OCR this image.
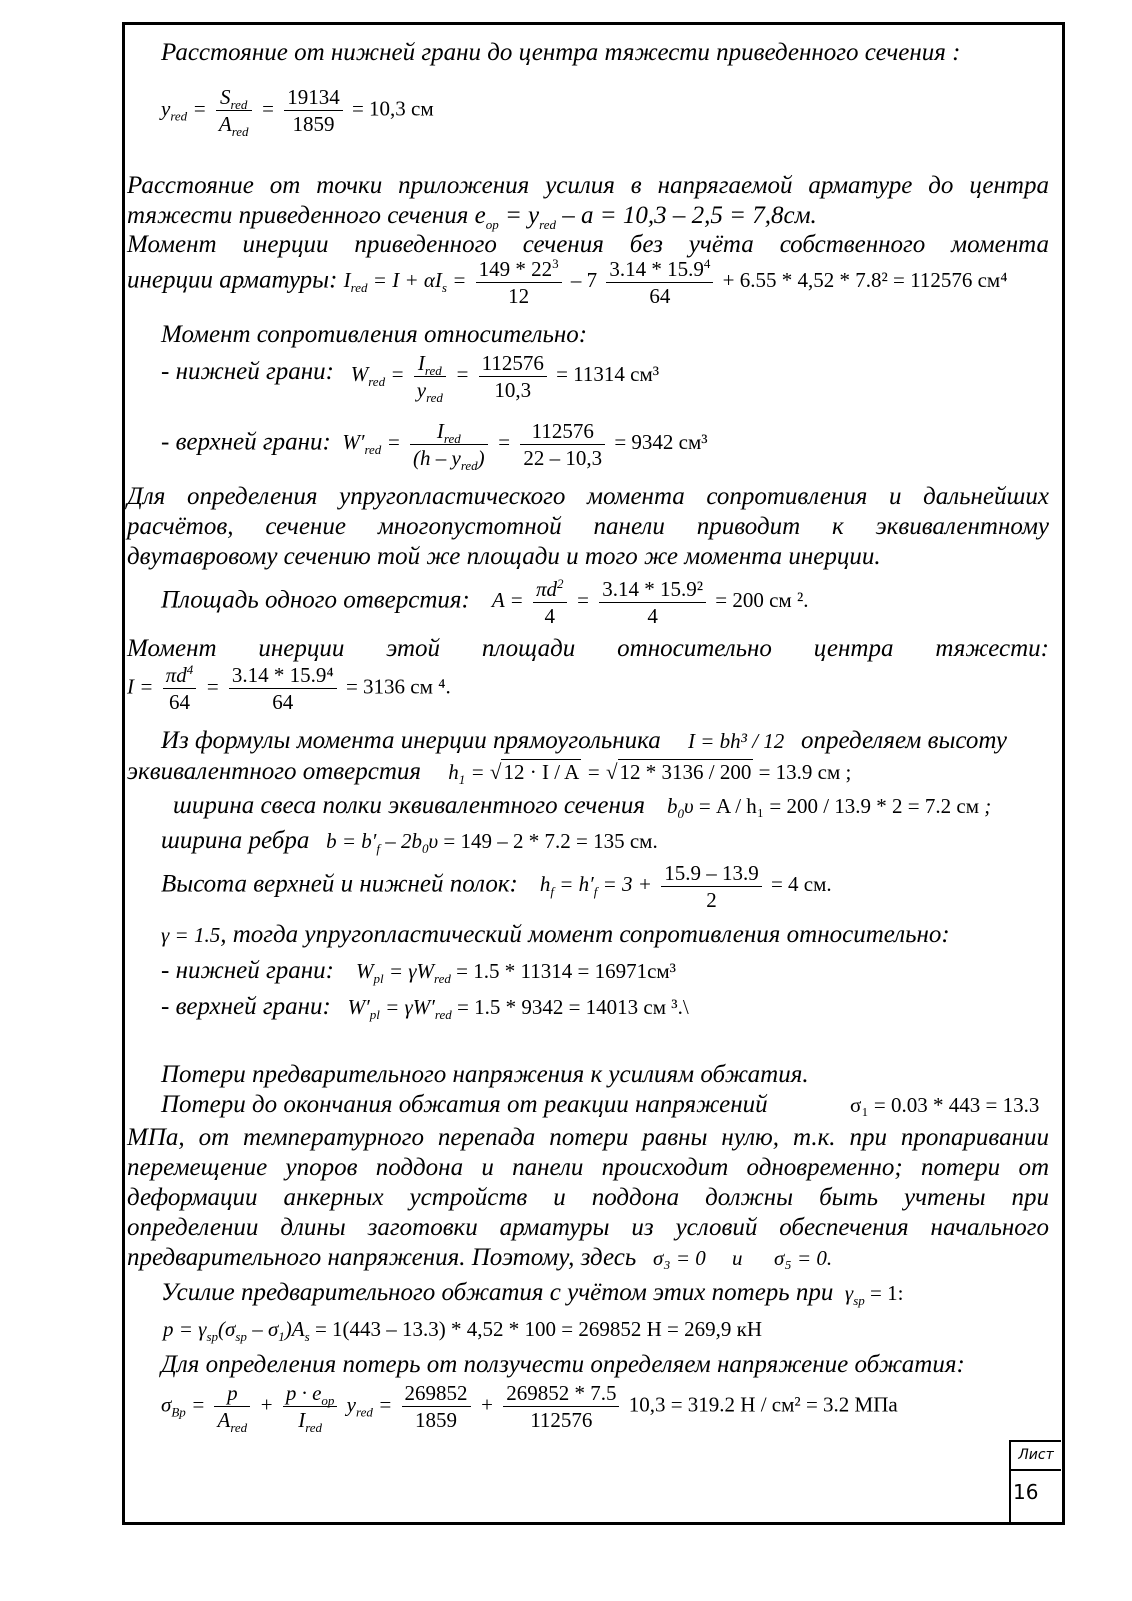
Расстояние от нижней грани до центра тяжести приведенного сечения :
$y_{red} = S_{red}$
$A_{red}$
= $\frac{19134}{1859} = 10,3$ см
Расстояние от точки приложения усилия в напрягаемой арматуре до центра
тяжести приведенного сечения $e_{op} = y_{red} - a = 10,3 - 2,5 = 7,8см$.
Момент инерции приведенного сечения без учёта собственного момента
инерции арматуры: $I_{red} = I + \alpha I_s = \frac{149 * 22^3}{12} - 7 \frac{3.14 * 15.9^4}{64} + 6.55 * 4,52 * 7.8^2 = 112576$ см⁴
Момент сопротивления относительно:
- нижней грани:   $W_{red} = I_{red}$
$y_{red}$
= $\frac{112576}{10,3} = 11314$ см³
- верхней грани:  $W'_{red}$ =	$I_{red}$
$(h - y_{red})$
= $\frac{112576}{22 - 10,3} = 9342$ см³
Для определения упругопластического момента сопротивления и дальнейших
расчётов, сечение многопустотной панели приводит к эквивалентному
двутавровому сечению той же площади и того же момента инерции.
Площадь одного отверстия:    $A = \frac{\pi d^2}{4} = \frac{\text{3.14 * 15.9²}}{4} = 200$ см ².
Момент инерции этой площади относительно центра тяжести:
$I = \frac{\pi d^4}{64} = \frac{\text{3.14 * 15.9⁴}}{64} = 3136$ см ⁴.
Из формулы момента инерции прямоугольника I = bh³ / 12 определяем высоту
эквивалентного отверстия     $h_1 = √12 \cdot I / A = √12 * 3136 / 200 = 13.9$ см ;
ширина свеса полки эквивалентного сечения    $b_0\upsilon = A / h_1 = 200 / 13.9 * 2 = 7.2$ см ;
ширина ребра   $b = b'_f - 2b_0\upsilon = 149 - 2 * 7.2 = 135$ см.
Высота верхней и нижней полок:    $h_f = h'_f = 3 + \frac{15.9 - 13.9}{2} = 4$ см.
γ = 1.5, тогда упругопластический момент сопротивления относительно:
- нижней грани:    $W_{pl} = \gamma W_{red} = 1.5 * 11314 = 16971см^3$
- верхней грани:   $W'_{pl} = \gamma W'_{red} = 1.5 * 9342 = 14013$ см ³.\
Потери предварительного напряжения к усилиям обжатия.
Потери до окончания обжатия от реакции напряжений	σ₁ = 0.03 * 443 = 13.3
МПа, от температурного перепада потери равны нулю, т.к. при пропаривании
перемещение упоров поддона и панели происходит одновременно; потери от
деформации анкерных устройств и поддона должны быть учтены при
определении длины заготовки арматуры из условий обеспечения начального
предварительного напряжения. Поэтому, здесь σ₃ = 0 и σ₅ = 0.
Усилие предварительного обжатия с учётом этих потерь при $\gamma_{sp} = 1$:
$p = \gamma_{sp}(\sigma_{sp} - \sigma_1)A_s = 1(443 - 13.3) * 4,52 * 100 = 269852$ Н = 269,9 кН
Для определения потерь от ползучести определяем напряжение обжатия:
$\sigma_{Bp} = p$
$A_{red}$
+ $p \cdot e_{op}$
$I_{red}$
$y_{red} = \frac{269852}{1859} + \frac{269852 * 7.5}{112576} 10,3 = 319.2$ Н / см² = 3.2 МПа
Лист
16
